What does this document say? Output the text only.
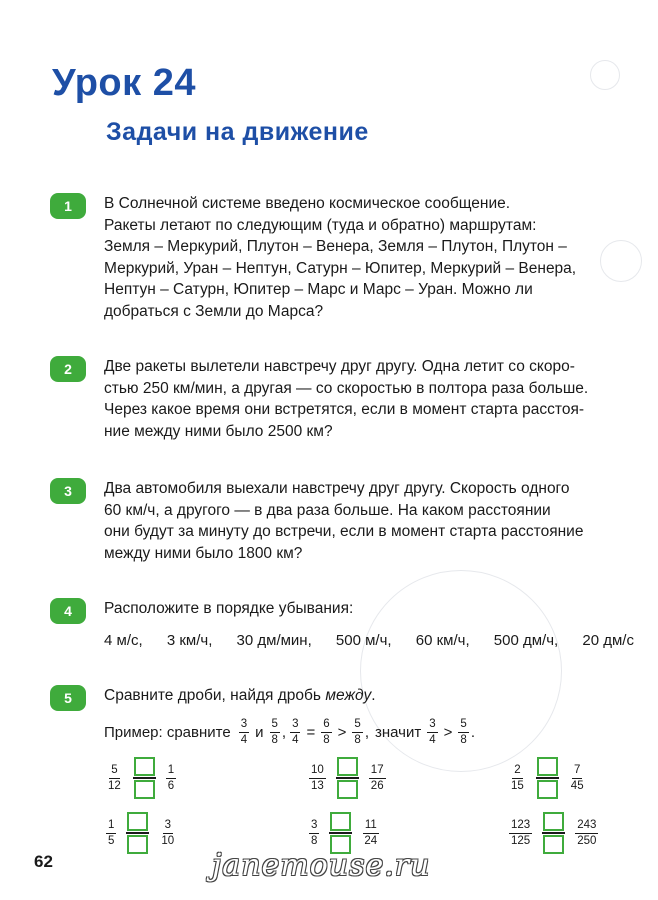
Урок 24
Задачи на движение
1	В Солнечной системе введено космическое сообщение.
Ракеты летают по следующим (туда и обратно) маршрутам:
Земля – Меркурий, Плутон – Венера, Земля – Плутон, Плутон –
Меркурий, Уран – Нептун, Сатурн – Юпитер, Меркурий – Венера,
Нептун – Сатурн, Юпитер – Марс и Марс – Уран. Можно ли
добраться с Земли до Марса?
2	Две ракеты вылетели навстречу друг другу. Одна летит со скоро-
стью 250 км/мин, а другая — со скоростью в полтора раза больше.
Через какое время они встретятся, если в момент старта расстоя-
ние между ними было 2500 км?
3	Два автомобиля выехали навстречу друг другу. Скорость одного
60 км/ч, а другого — в два раза больше. На каком расстоянии
они будут за минуту до встречи, если в момент старта расстояние
между ними было 1800 км?
4	Расположите в порядке убывания:
4 м/с, 3 км/ч, 30 дм/мин, 500 м/ч, 60 км/ч, 500 дм/ч, 20 дм/с
5	Сравните дроби, найдя дробь между.
Пример: сравните $\frac{3}{4}$ и $\frac{5}{8}$ , $\frac{3}{4} = \frac{6}{8} > \frac{5}{8}$ , значит $\frac{3}{4} > \frac{5}{8}$ .
$\frac{5}{12}$	$\frac{1}{6}$	$\frac{10}{13}$	$\frac{17}{26}$	$\frac{2}{15}$	$\frac{7}{45}$
$\frac{1}{5}$	$\frac{3}{10}$	$\frac{3}{8}$	$\frac{11}{24}$	$\frac{123}{125}$	$\frac{243}{250}$
62	janemouse.ru
